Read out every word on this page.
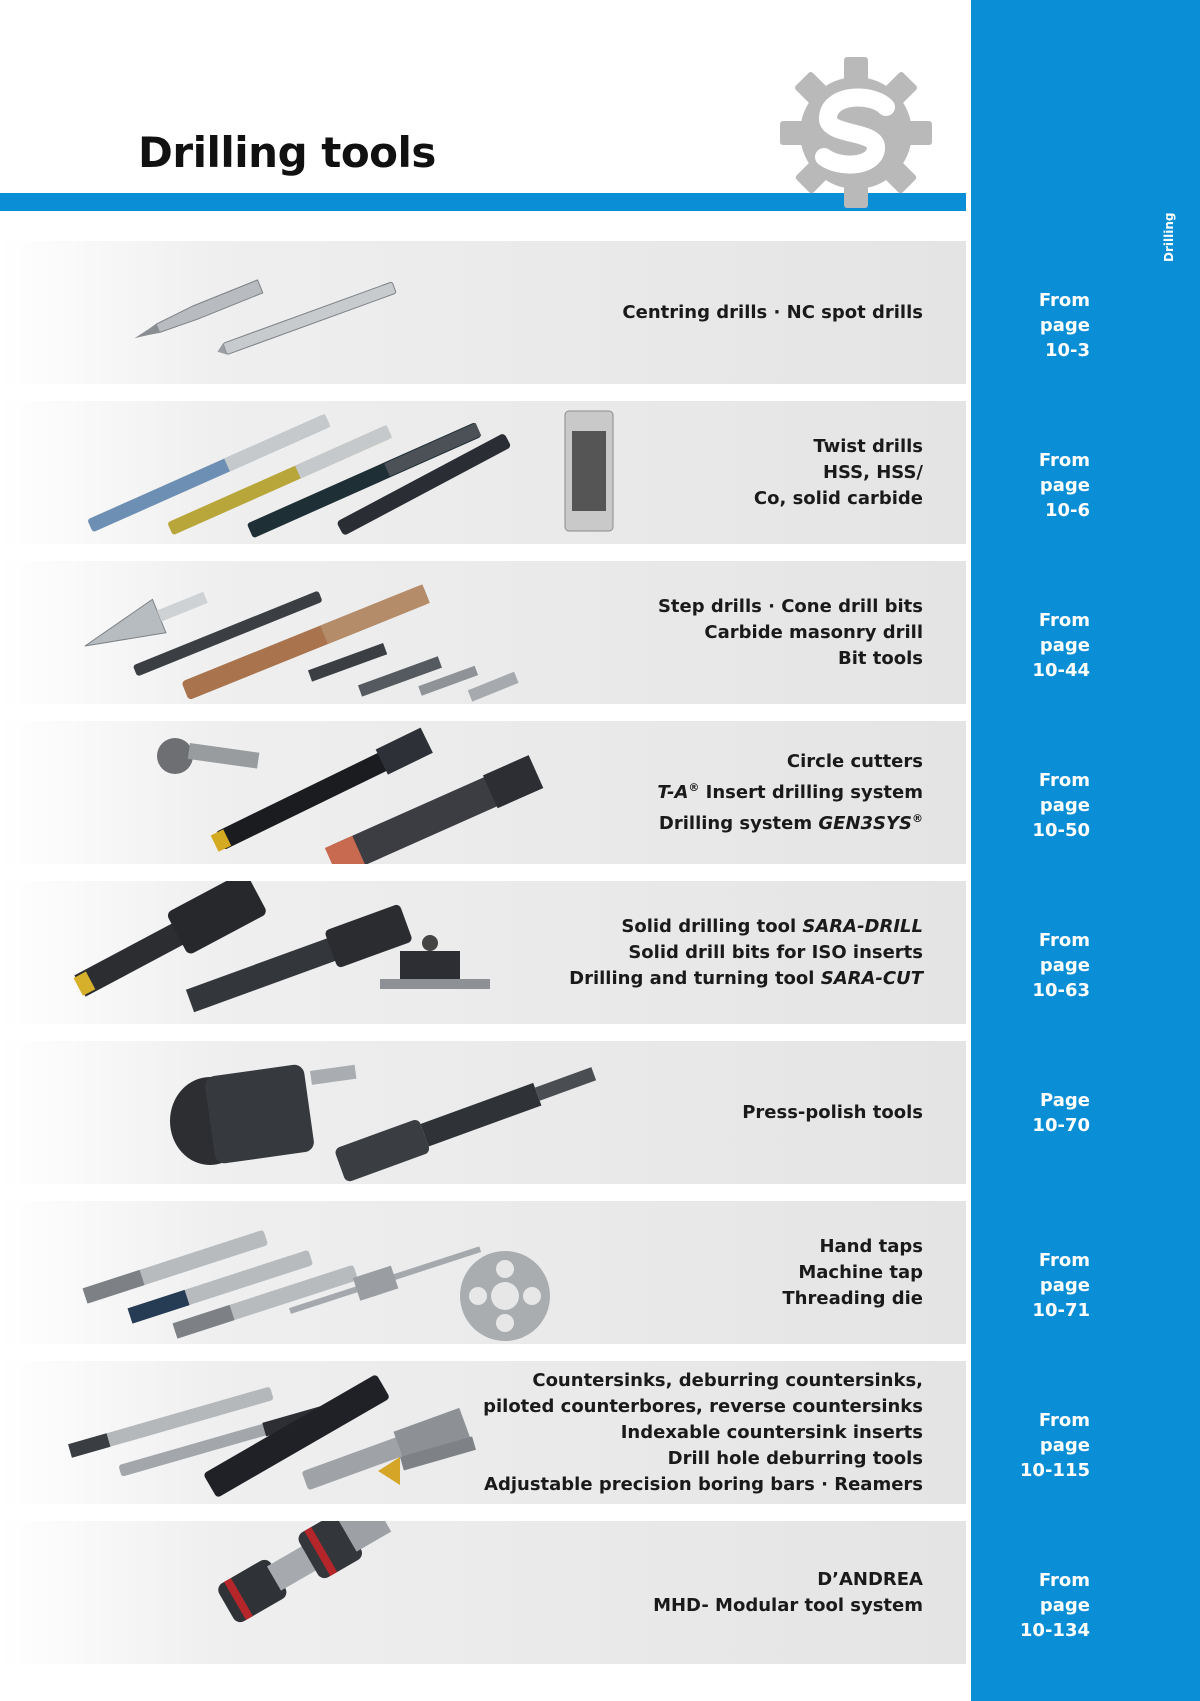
Drilling
Drilling tools
Centring drills · NC spot drills
From page
10-3
Twist drills
HSS, HSS/
Co, solid carbide
From page
10-6
Step drills · Cone drill bits
Carbide masonry drill
Bit tools
From page
10-44
Circle cutters
T-A® Insert drilling system
Drilling system GEN3SYS®
From page
10-50
Solid drilling tool SARA-DRILL
Solid drill bits for ISO inserts
Drilling and turning tool SARA-CUT
From page
10-63
Press-polish tools
Page
10-70
Hand taps
Machine tap
Threading die
From page
10-71
Countersinks, deburring countersinks,
piloted counterbores, reverse countersinks
Indexable countersink inserts
Drill hole deburring tools
Adjustable precision boring bars · Reamers
From page
10-115
D’ANDREA
MHD- Modular tool system
From page
10-134
